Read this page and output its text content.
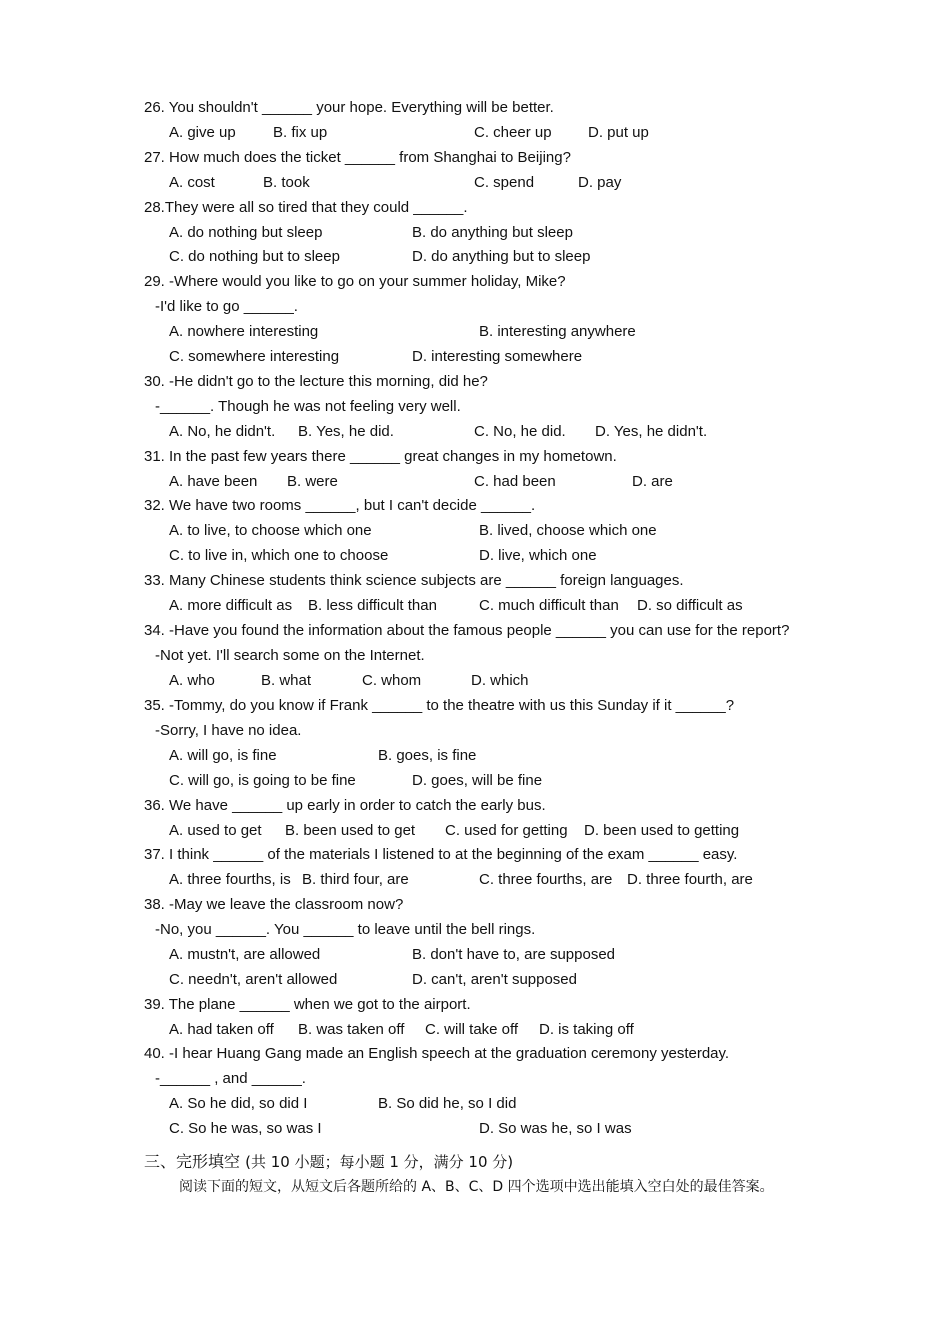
26. You shouldn't ______ your hope. Everything will be better.
A. give up B. fix up	C. cheer up D. put up
27. How much does the ticket ______ from Shanghai to Beijing?
A. cost	B. took	C. spend	D. pay
28.They were all so tired that they could ______.
A. do nothing but sleep	B. do anything but sleep
C. do nothing but to sleep	D. do anything but to sleep
29. -Where would you like to go on your summer holiday, Mike?
-I'd like to go ______.
A. nowhere interesting	B. interesting anywhere
C. somewhere interesting	D. interesting somewhere
30. -He didn't go to the lecture this morning, did he?
-______. Though he was not feeling very well.
A. No, he didn't. B. Yes, he did.	C. No, he did. D. Yes, he didn't.
31. In the past few years there ______ great changes in my hometown.
A. have been B. were	C. had been	D. are
32. We have two rooms ______, but I can't decide ______.
A. to live, to choose which one	B. lived, choose which one
C. to live in, which one to choose	D. live, which one
33. Many Chinese students think science subjects are ______ foreign languages.
A. more difficult as B. less difficult than	C. much difficult than D. so difficult as
34. -Have you found the information about the famous people ______ you can use for the report?
-Not yet. I'll search some on the Internet.
A. who	B. what	C. whom	D. which
35. -Tommy, do you know if Frank ______ to the theatre with us this Sunday if it ______?
-Sorry, I have no idea.
A. will go, is fine	B. goes, is fine
C. will go, is going to be fine	D. goes, will be fine
36. We have ______ up early in order to catch the early bus.
A. used to get B. been used to get C. used for getting D. been used to getting
37. I think ______ of the materials I listened to at the beginning of the exam ______ easy.
A. three fourths, is B. third four, are	C. three fourths, are D. three fourth, are
38. -May we leave the classroom now?
-No, you ______. You ______ to leave until the bell rings.
A. mustn't, are allowed	B. don't have to, are supposed
C. needn't, aren't allowed	D. can't, aren't supposed
39. The plane ______ when we got to the airport.
A. had taken off B. was taken off C. will take off D. is taking off
40. -I hear Huang Gang made an English speech at the graduation ceremony yesterday.
-______ , and ______.
A. So he did, so did I	B. So did he, so I did
C. So he was, so was I	D. So was he, so I was
三、完形填空 (共 10 小题；每小题 1 分，满分 10 分)
阅读下面的短文，从短文后各题所给的 A、B、C、D 四个选项中选出能填入空白处的最佳答案。
